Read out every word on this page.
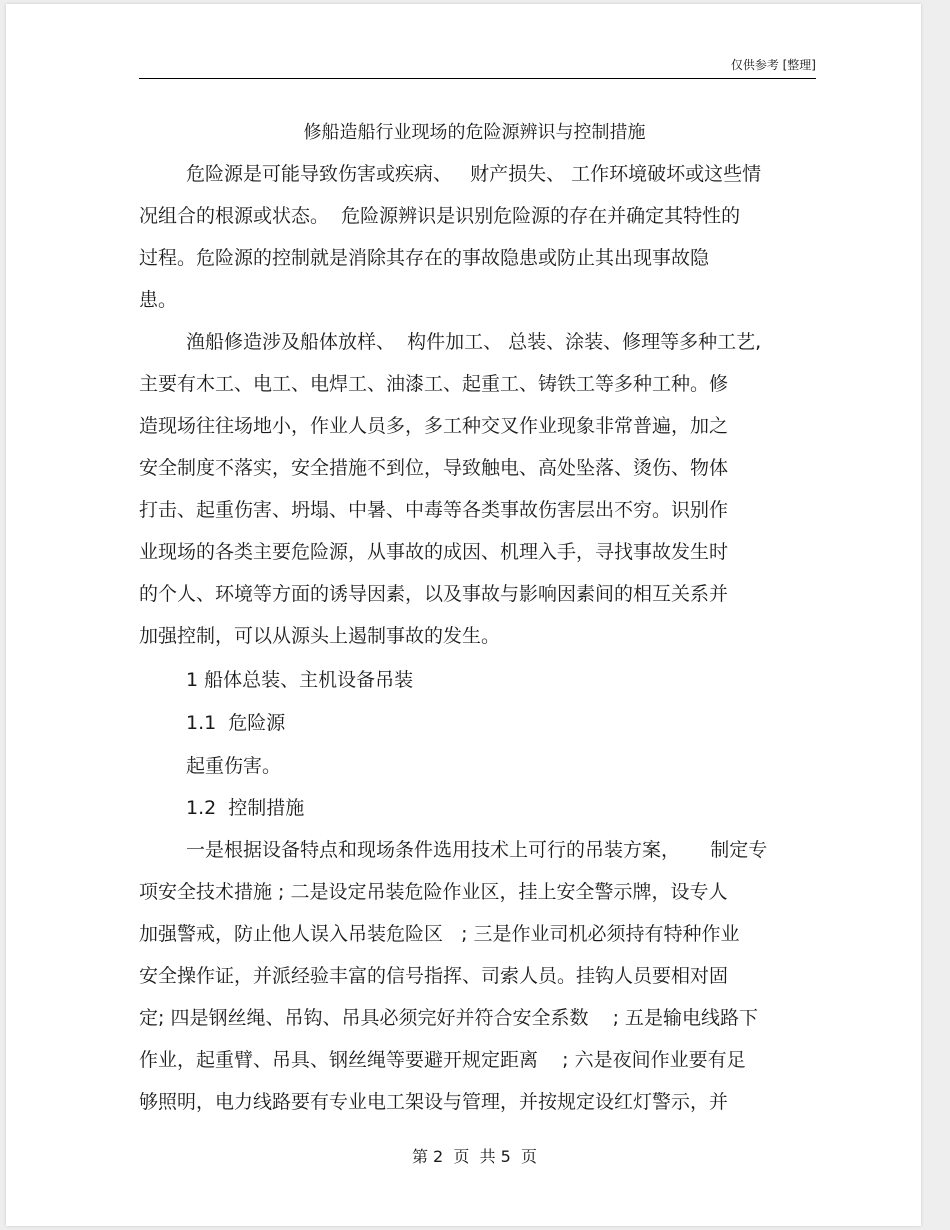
仅供参考 [整理]
修船造船行业现场的危险源辨识与控制措施
危险源是可能导致伤害或疾病、   财产损失、 工作环境破坏或这些情
况组合的根源或状态。  危险源辨识是识别危险源的存在并确定其特性的
过程。危险源的控制就是消除其存在的事故隐患或防止其出现事故隐
患。
渔船修造涉及船体放样、  构件加工、 总装、涂装、修理等多种工艺,
主要有木工、电工、电焊工、油漆工、起重工、铸铁工等多种工种。修
造现场往往场地小，作业人员多，多工种交叉作业现象非常普遍，加之
安全制度不落实，安全措施不到位，导致触电、高处坠落、烫伤、物体
打击、起重伤害、坍塌、中暑、中毒等各类事故伤害层出不穷。识别作
业现场的各类主要危险源，从事故的成因、机理入手，寻找事故发生时
的个人、环境等方面的诱导因素，以及事故与影响因素间的相互关系并
加强控制，可以从源头上遏制事故的发生。
1 船体总装、主机设备吊装
1.1  危险源
起重伤害。
1.2  控制措施
一是根据设备特点和现场条件选用技术上可行的吊装方案，     制定专
项安全技术措施 ; 二是设定吊装危险作业区，挂上安全警示牌，设专人
加强警戒，防止他人误入吊装危险区   ; 三是作业司机必须持有特种作业
安全操作证，并派经验丰富的信号指挥、司索人员。挂钩人员要相对固
定; 四是钢丝绳、吊钩、吊具必须完好并符合安全系数    ; 五是输电线路下
作业，起重臂、吊具、钢丝绳等要避开规定距离    ; 六是夜间作业要有足
够照明，电力线路要有专业电工架设与管理，并按规定设红灯警示，并
第 2  页  共 5  页
